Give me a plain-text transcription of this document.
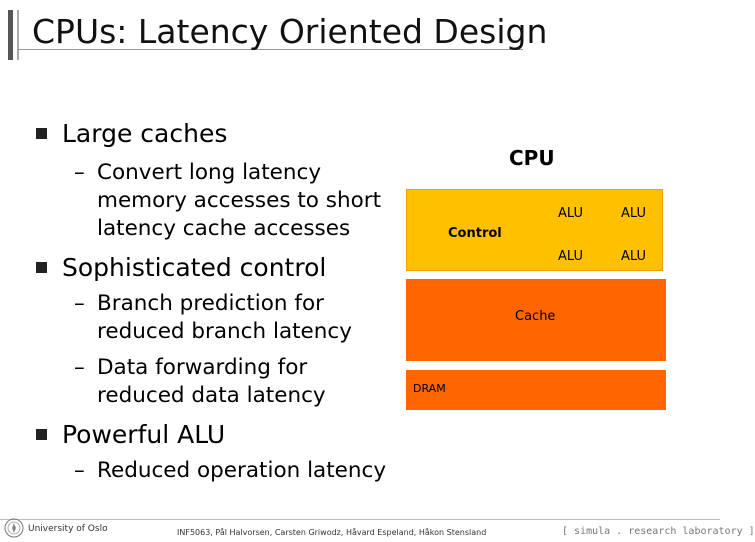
CPUs: Latency Oriented Design
Large caches
– Convert long latency
memory accesses to short
latency cache accesses
Sophisticated control
– Branch prediction for
reduced branch latency
– Data forwarding for
reduced data latency
Powerful ALU
– Reduced operation latency
CPU
Control
ALU	ALU
ALU	ALU
Cache
DRAM
University of Oslo	INF5063, Pål Halvorsen, Carsten Griwodz, Håvard Espeland, Håkon Stensland	[ simula . research laboratory ]
